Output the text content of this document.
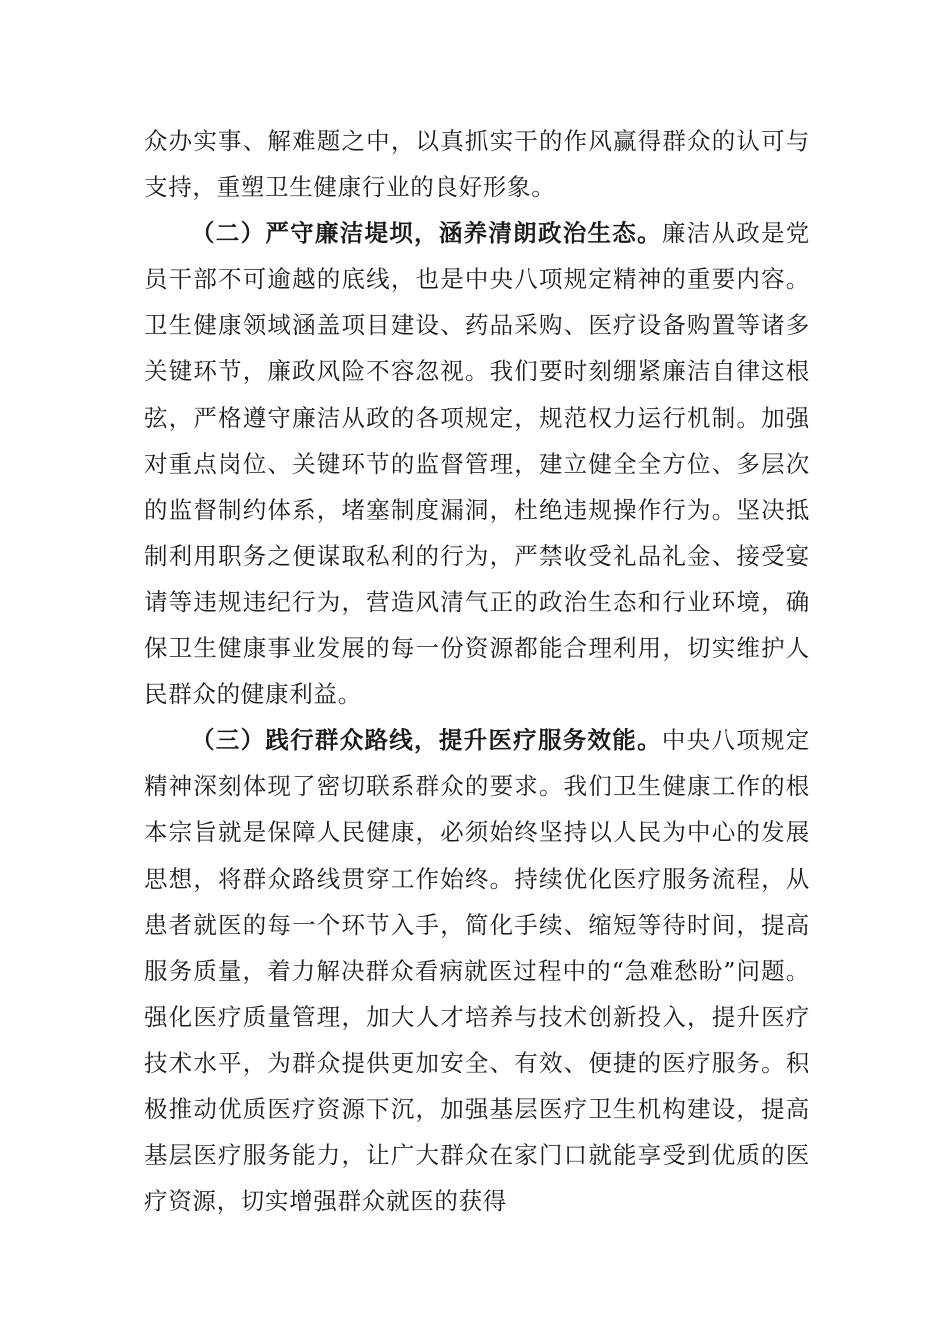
众办实事、解难题之中，以真抓实干的作风赢得群众的认可与支持，重塑卫生健康行业的良好形象。

（二）严守廉洁堤坝，涵养清朗政治生态。廉洁从政是党员干部不可逾越的底线，也是中央八项规定精神的重要内容。卫生健康领域涵盖项目建设、药品采购、医疗设备购置等诸多关键环节，廉政风险不容忽视。我们要时刻绷紧廉洁自律这根弦，严格遵守廉洁从政的各项规定，规范权力运行机制。加强对重点岗位、关键环节的监督管理，建立健全全方位、多层次的监督制约体系，堵塞制度漏洞，杜绝违规操作行为。坚决抵制利用职务之便谋取私利的行为，严禁收受礼品礼金、接受宴请等违规违纪行为，营造风清气正的政治生态和行业环境，确保卫生健康事业发展的每一份资源都能合理利用，切实维护人民群众的健康利益。

（三）践行群众路线，提升医疗服务效能。中央八项规定精神深刻体现了密切联系群众的要求。我们卫生健康工作的根本宗旨就是保障人民健康，必须始终坚持以人民为中心的发展思想，将群众路线贯穿工作始终。持续优化医疗服务流程，从患者就医的每一个环节入手，简化手续、缩短等待时间，提高服务质量，着力解决群众看病就医过程中的“急难愁盼”问题。强化医疗质量管理，加大人才培养与技术创新投入，提升医疗技术水平，为群众提供更加安全、有效、便捷的医疗服务。积极推动优质医疗资源下沉，加强基层医疗卫生机构建设，提高基层医疗服务能力，让广大群众在家门口就能享受到优质的医疗资源，切实增强群众就医的获得
